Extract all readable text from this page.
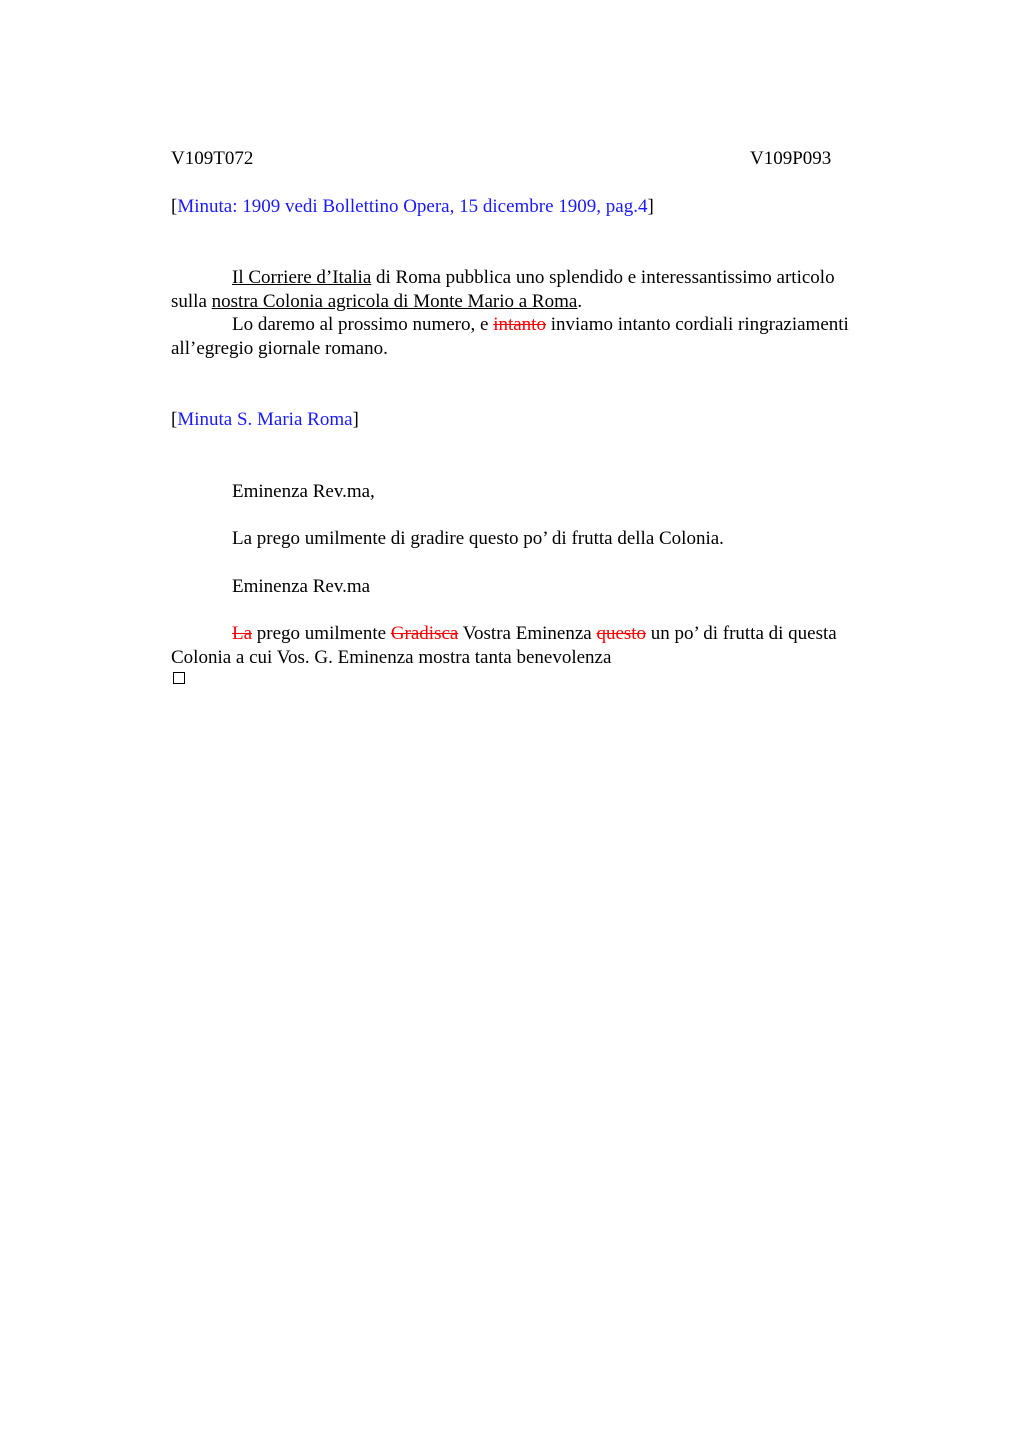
V109T072	V109P093
[Minuta: 1909 vedi Bollettino Opera, 15 dicembre 1909, pag.4]
Il Corriere d’Italia di Roma pubblica uno splendido e interessantissimo articolo
sulla nostra Colonia agricola di Monte Mario a Roma.
Lo daremo al prossimo numero, e intanto inviamo intanto cordiali ringraziamenti
all’egregio giornale romano.
[Minuta S. Maria Roma]
Eminenza Rev.ma,
La prego umilmente di gradire questo po’ di frutta della Colonia.
Eminenza Rev.ma
La prego umilmente Gradisca Vostra Eminenza questo un po’ di frutta di questa
Colonia a cui Vos. G. Eminenza mostra tanta benevolenza
